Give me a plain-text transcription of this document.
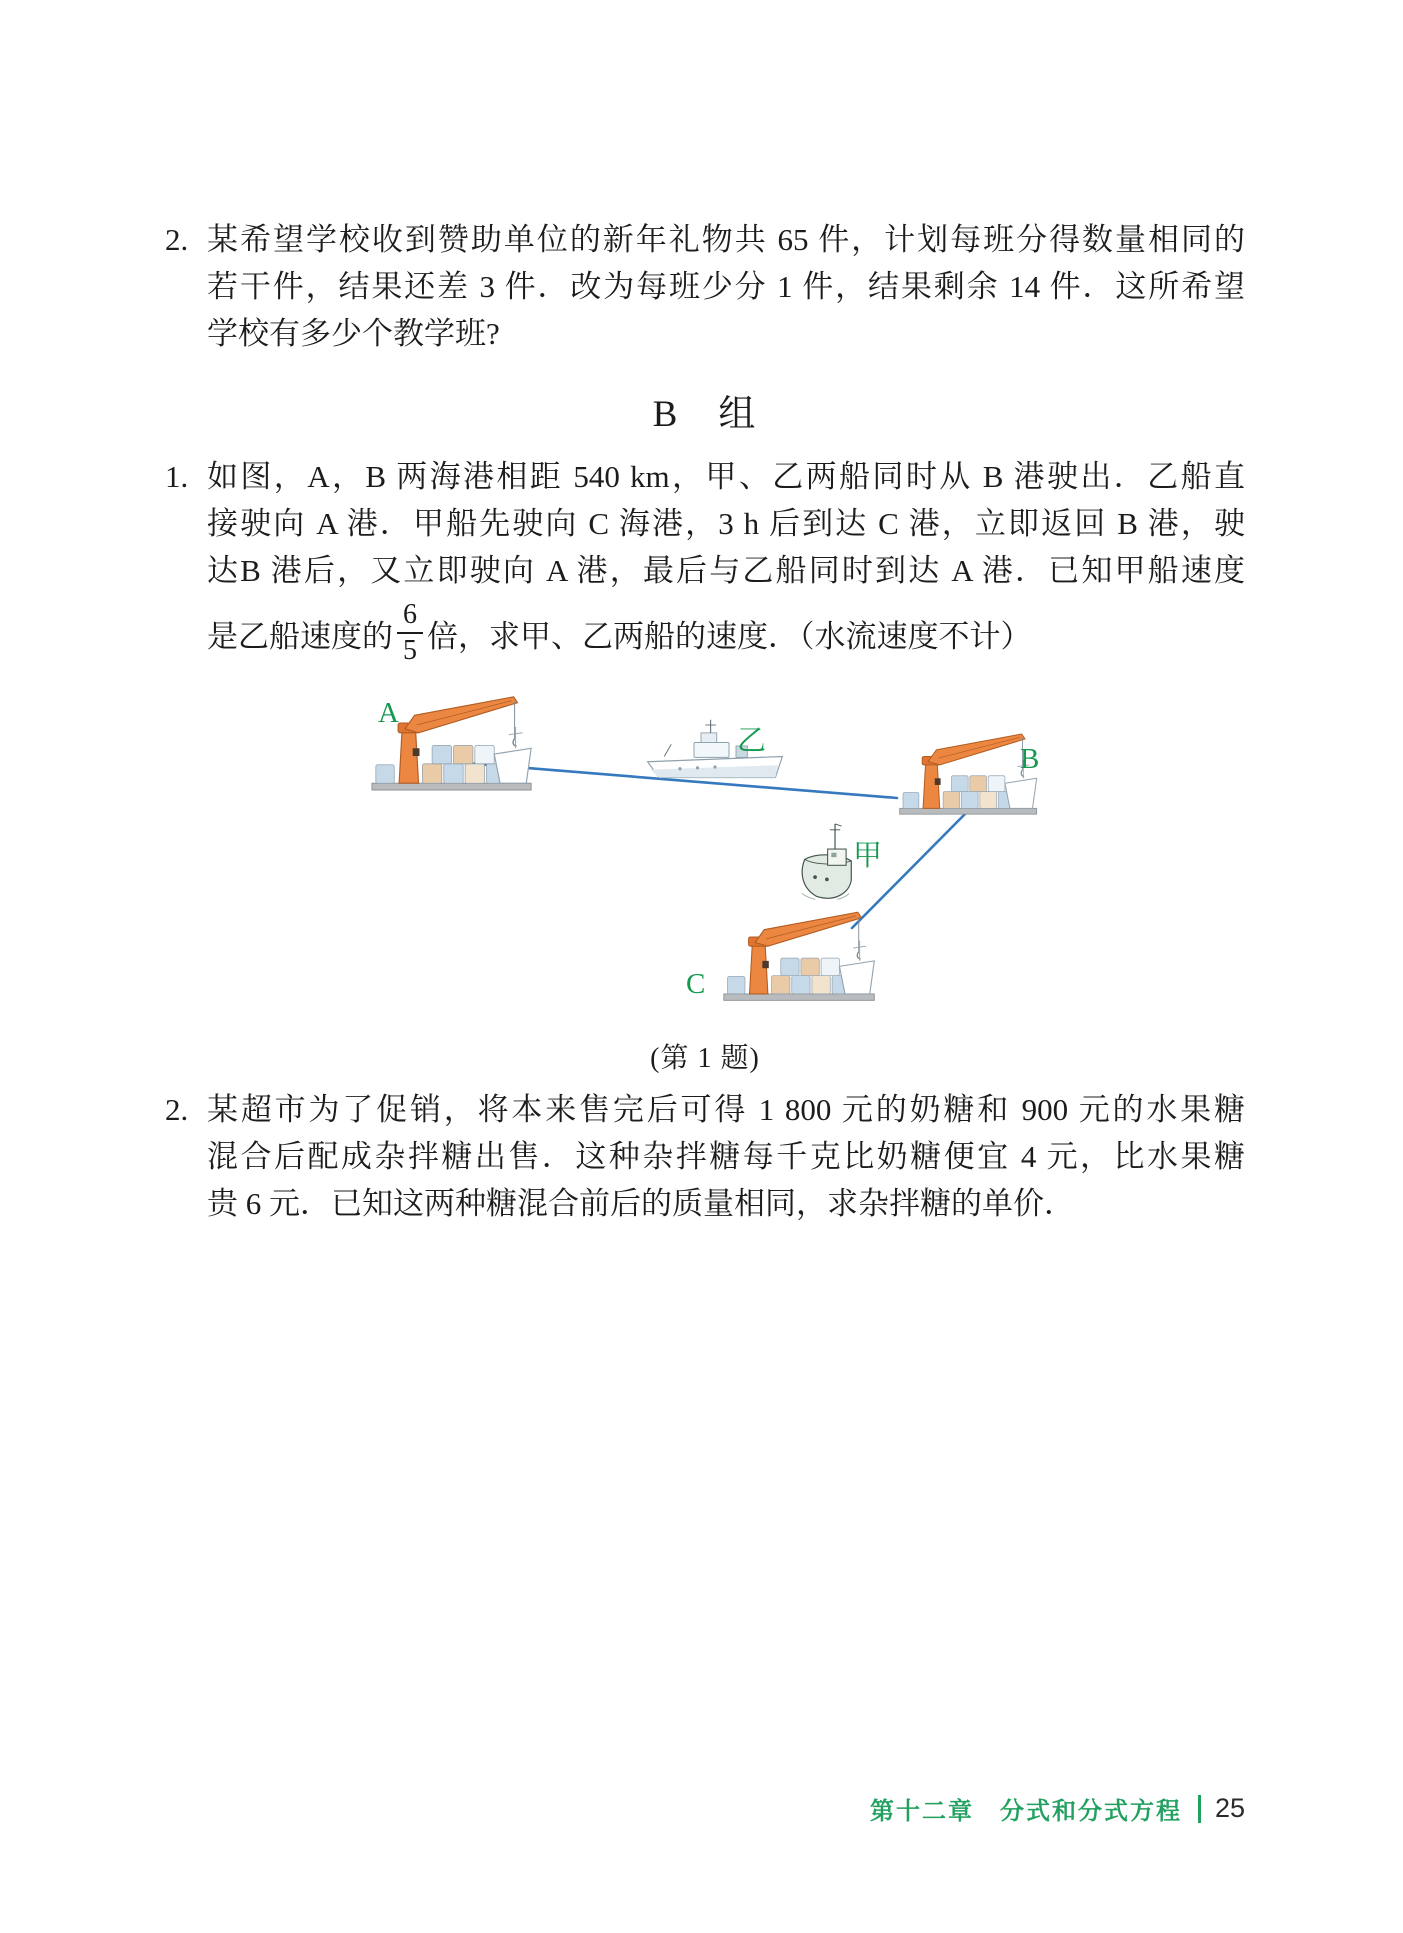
2. 某希望学校收到赞助单位的新年礼物共 65 件，计划每班分得数量相同的
若干件，结果还差 3 件．改为每班少分 1 件，结果剩余 14 件．这所希望
学校有多少个教学班?
B　组
1. 如图，A，B 两海港相距 540 km，甲、乙两船同时从 B 港驶出．乙船直
接驶向 A 港．甲船先驶向 C 海港，3 h 后到达 C 港，立即返回 B 港，驶
达B 港后，又立即驶向 A 港，最后与乙船同时到达 A 港．已知甲船速度
是乙船速度的 $\frac{6}{5}$ 倍，求甲、乙两船的速度．（水流速度不计）
A
乙
B
甲
C
(第 1 题)
2. 某超市为了促销，将本来售完后可得 1 800 元的奶糖和 900 元的水果糖
混合后配成杂拌糖出售．这种杂拌糖每千克比奶糖便宜 4 元，比水果糖
贵 6 元．已知这两种糖混合前后的质量相同，求杂拌糖的单价．
第十二章　分式和分式方程 25
